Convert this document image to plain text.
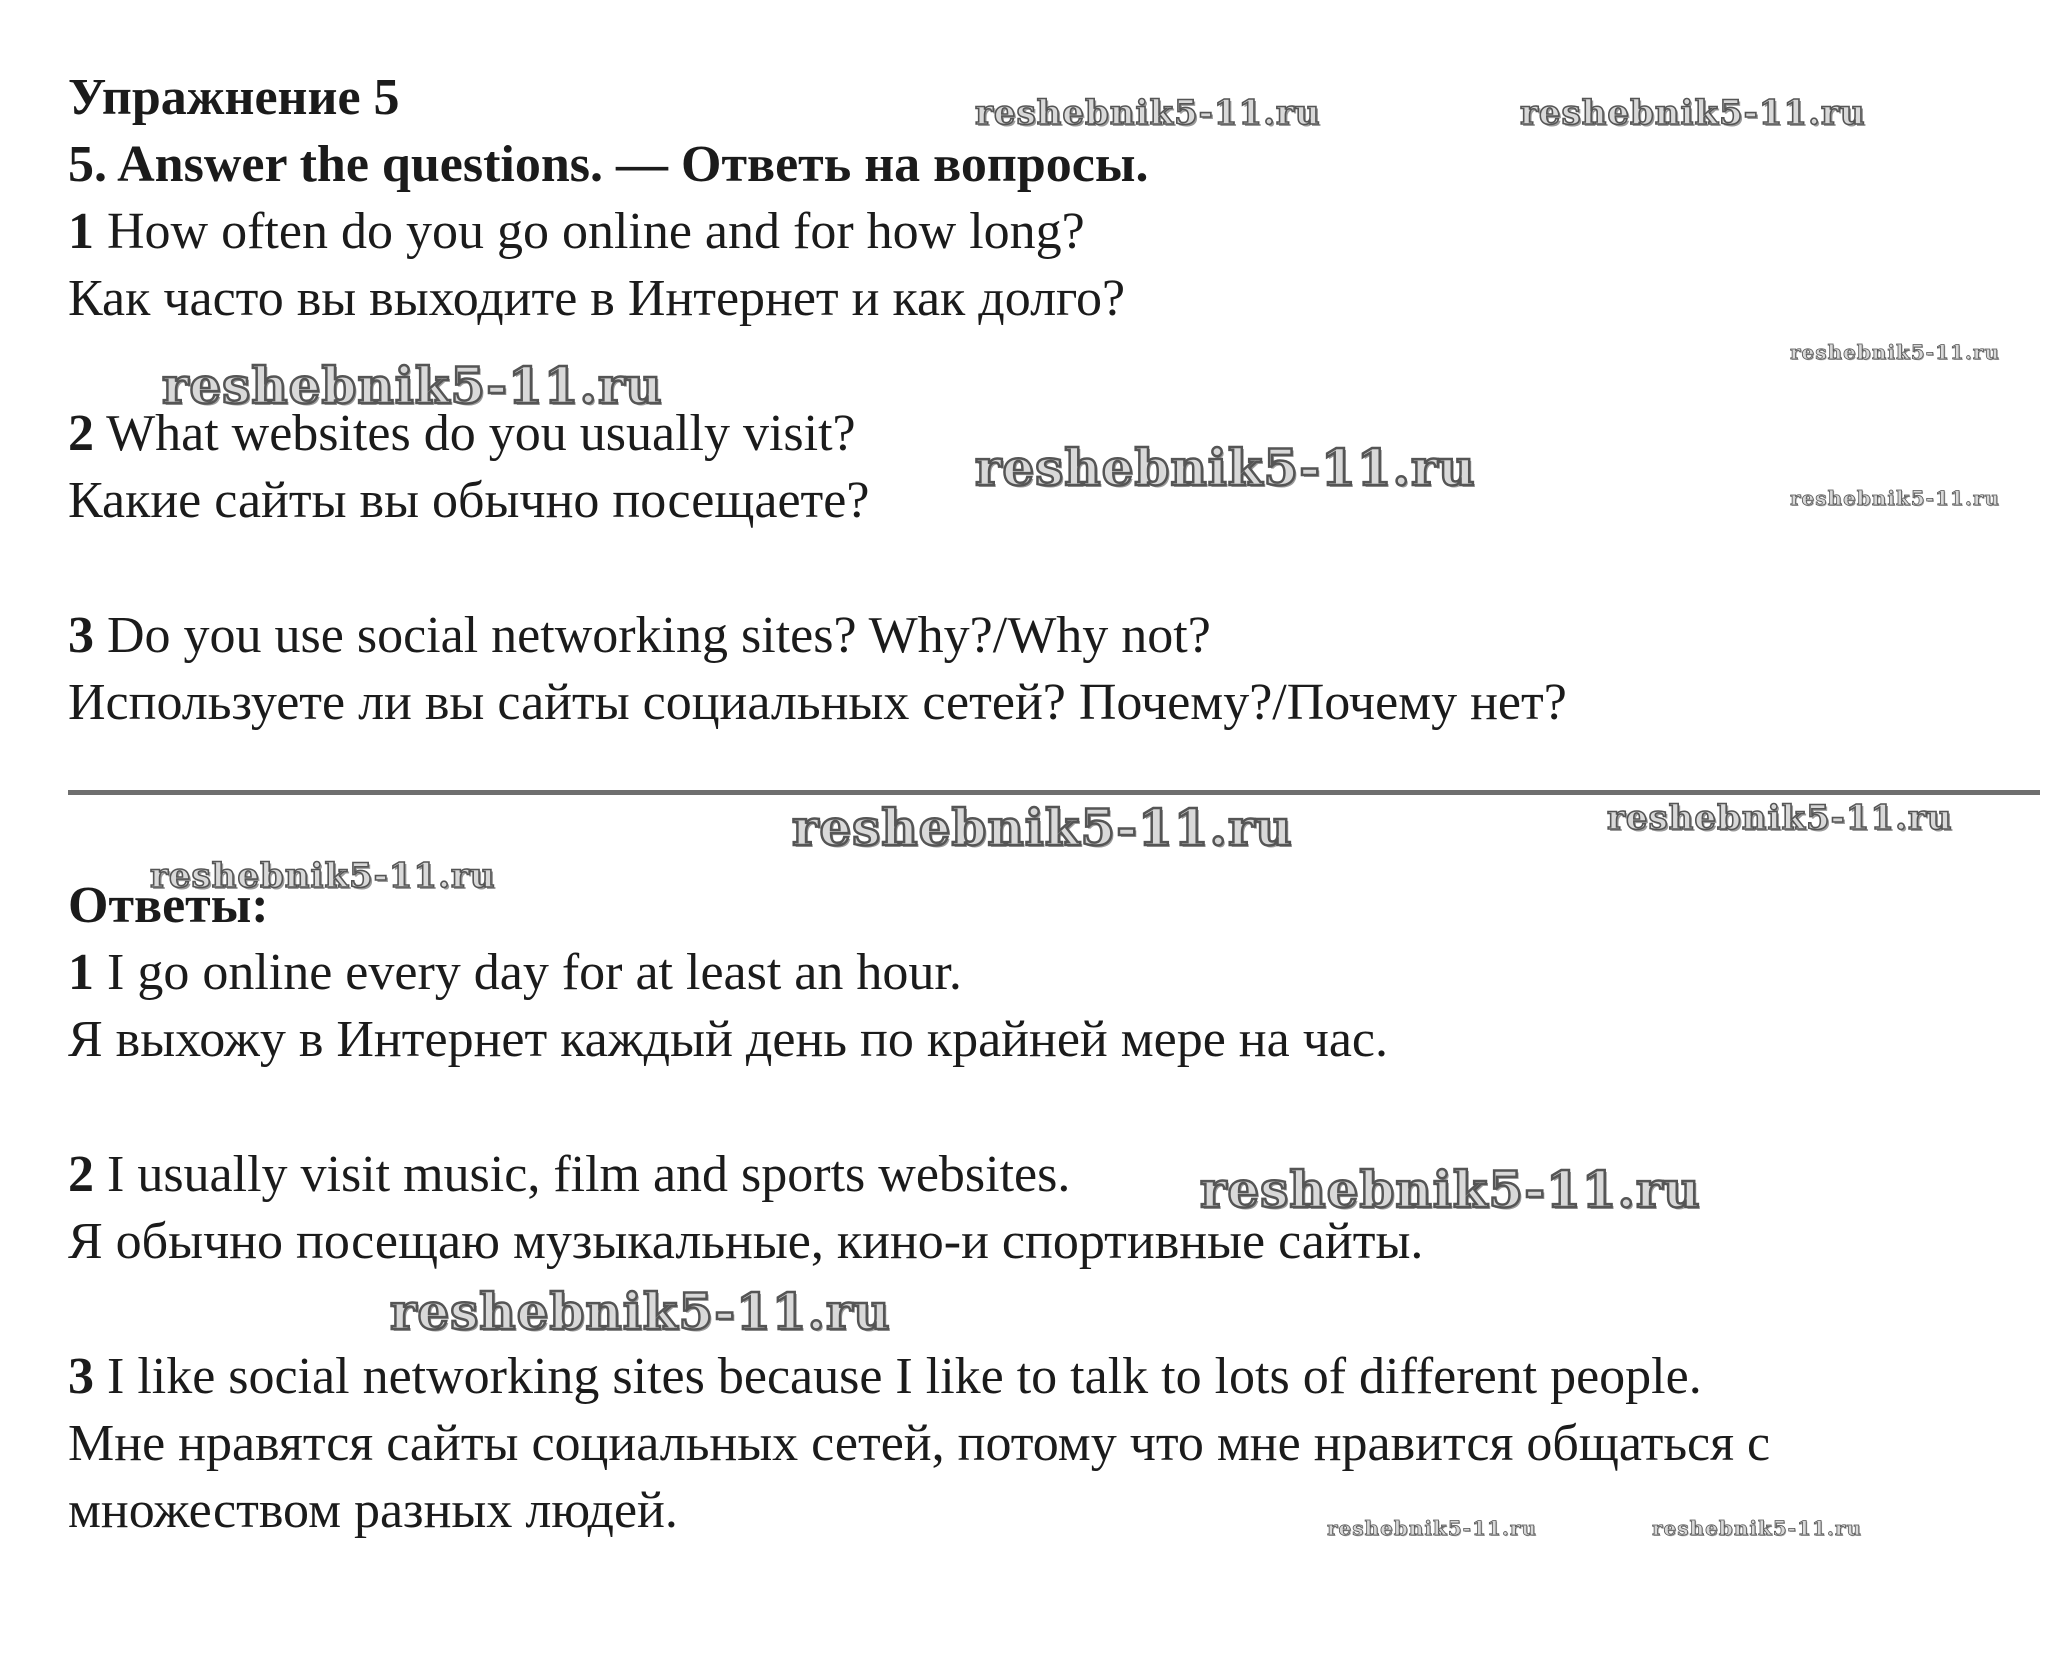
Упражнение 5
5. Answer the questions. — Ответь на вопросы.
1 How often do you go online and for how long?
Как часто вы выходите в Интернет и как долго?
2 What websites do you usually visit?
Какие сайты вы обычно посещаете?
3 Do you use social networking sites? Why?/Why not?
Используете ли вы сайты социальных сетей? Почему?/Почему нет?
Ответы:
1 I go online every day for at least an hour.
Я выхожу в Интернет каждый день по крайней мере на час.
2 I usually visit music, film and sports websites.
Я обычно посещаю музыкальные, кино-и спортивные сайты.
3 I like social networking sites because I like to talk to lots of different people.
Мне нравятся сайты социальных сетей, потому что мне нравится общаться с
множеством разных людей.
reshebnik5-11.ru	reshebnik5-11.ru
reshebnik5-11.ru
reshebnik5-11.ru
reshebnik5-11.ru
reshebnik5-11.ru
reshebnik5-11.ru	reshebnik5-11.ru
reshebnik5-11.ru
reshebnik5-11.ru
reshebnik5-11.ru
reshebnik5-11.ru	reshebnik5-11.ru
